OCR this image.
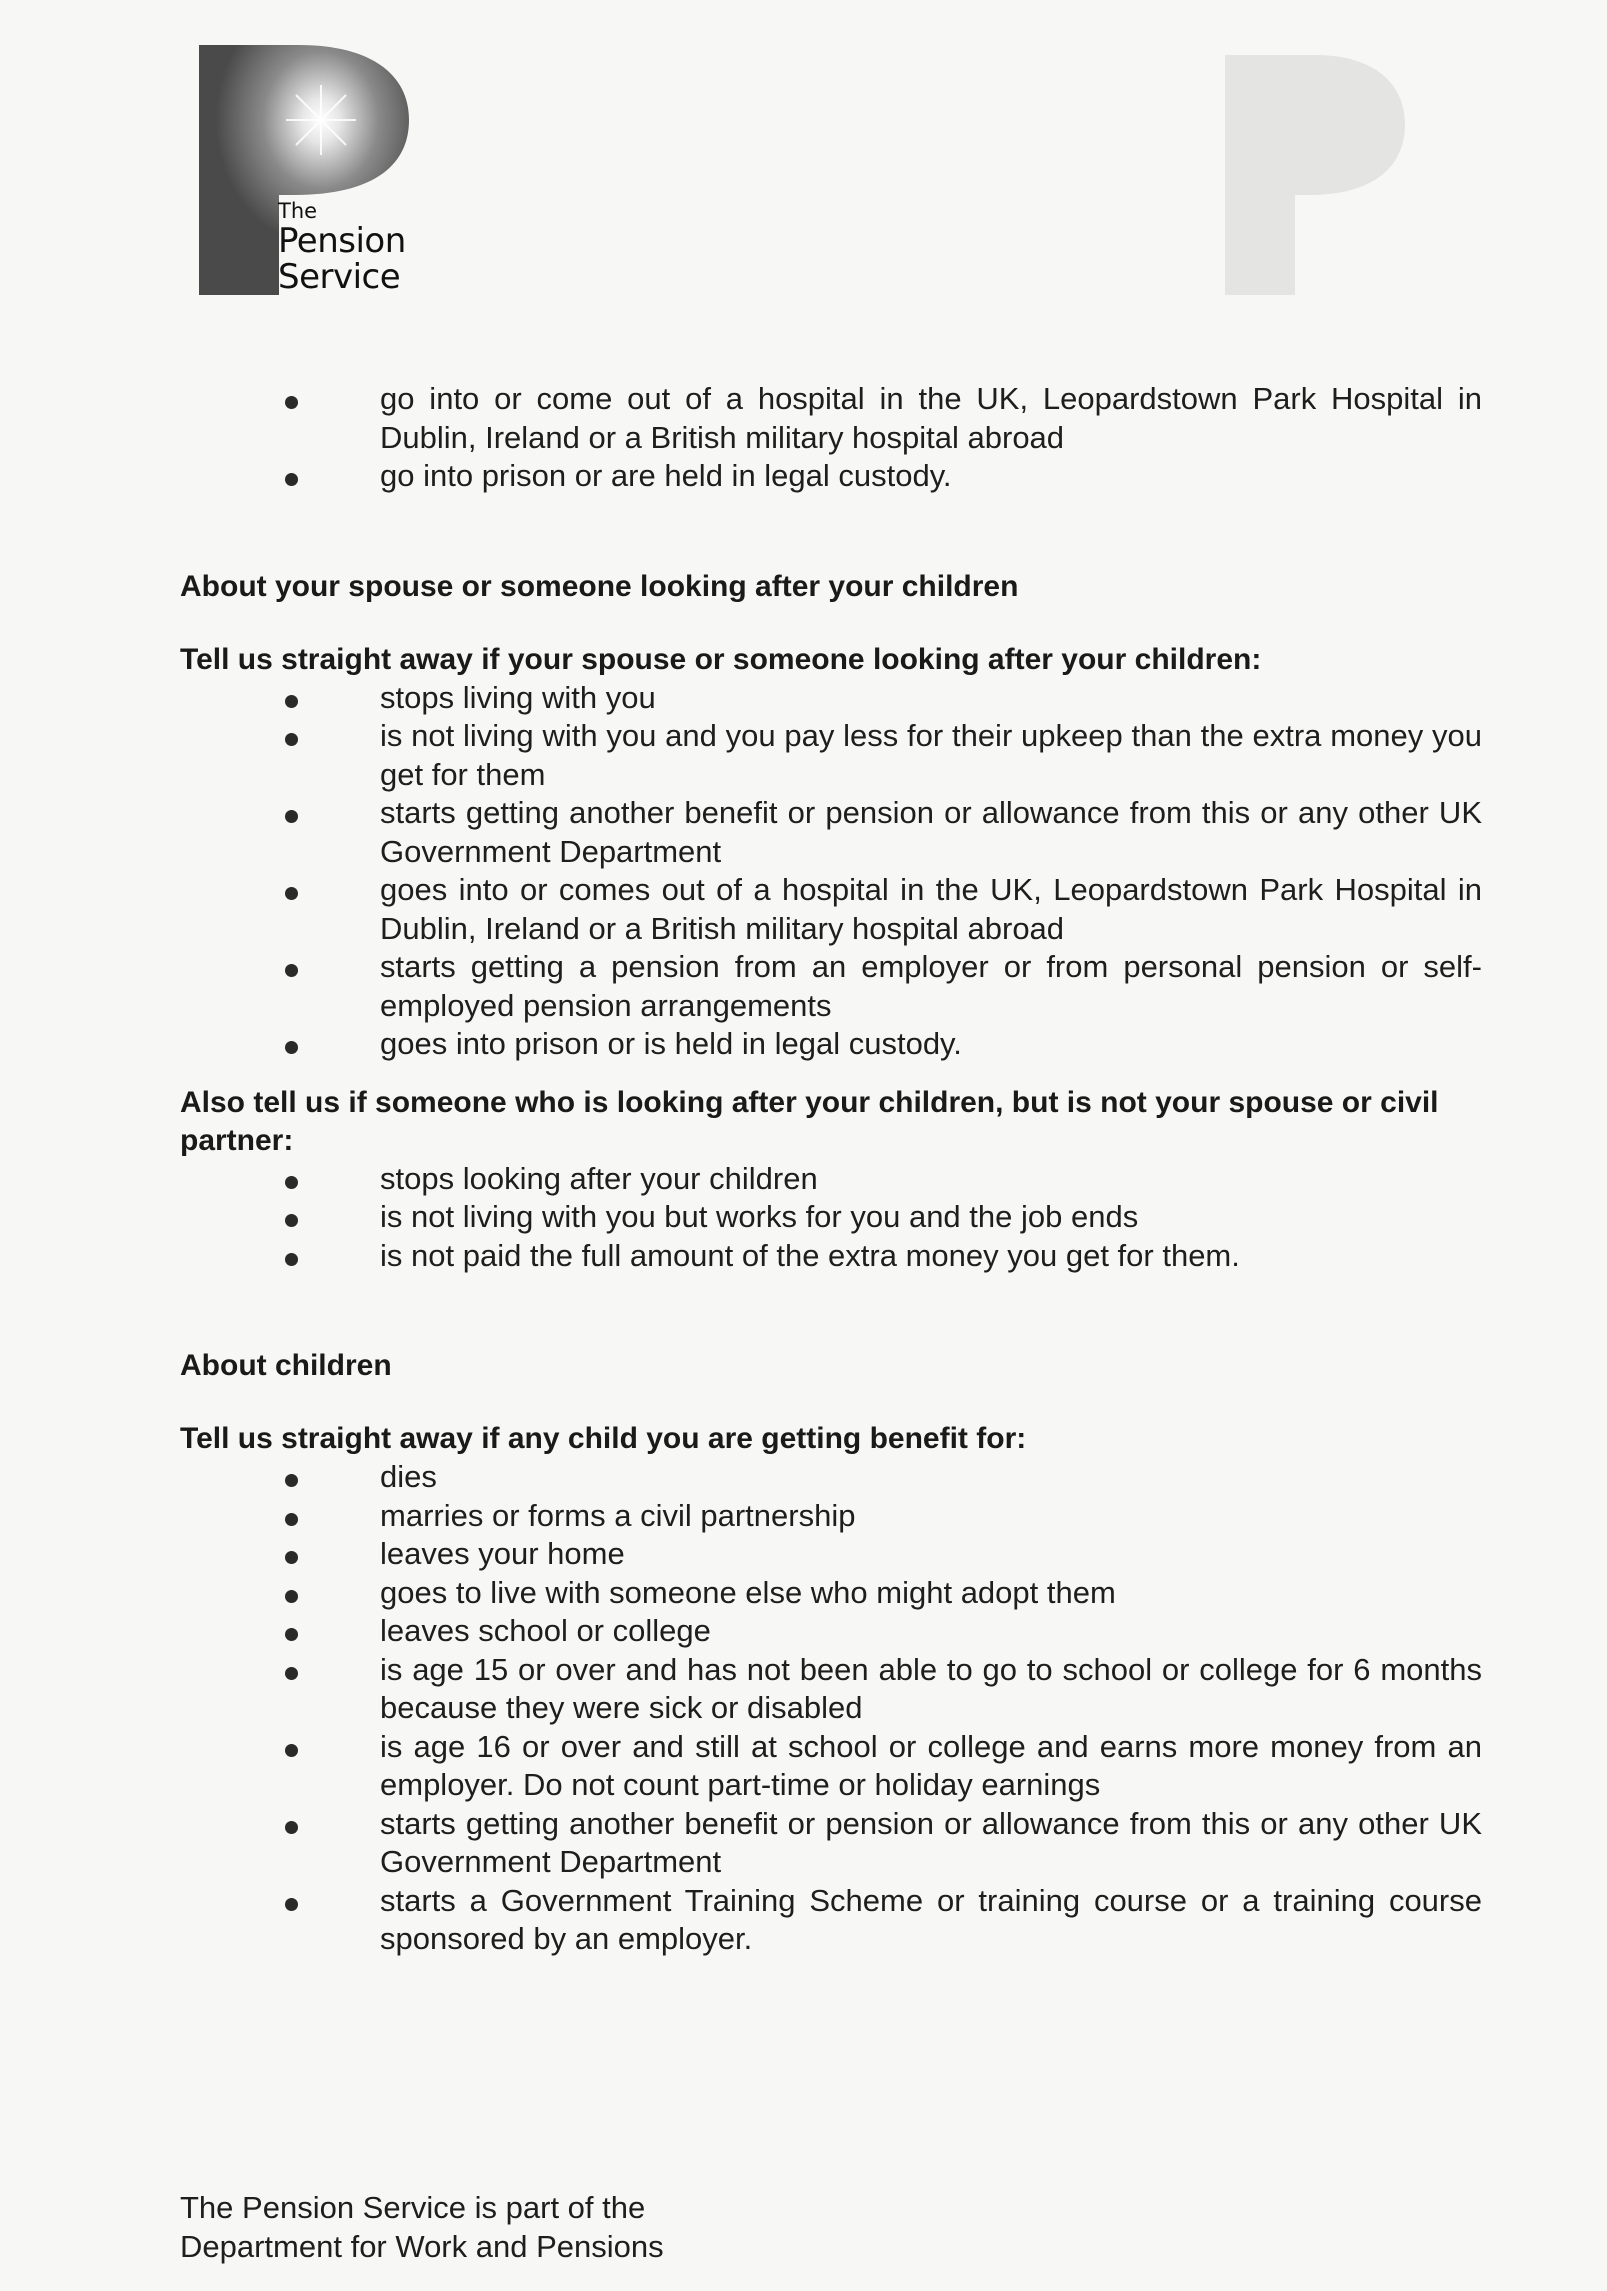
The
Pension
Service
go into or come out of a hospital in the UK, Leopardstown Park Hospital in Dublin, Ireland or a British military hospital abroad
go into prison or are held in legal custody.

About your spouse or someone looking after your children

Tell us straight away if your spouse or someone looking after your children:

stops living with you
is not living with you and you pay less for their upkeep than the extra money you get for them
starts getting another benefit or pension or allowance from this or any other UK Government Department
goes into or comes out of a hospital in the UK, Leopardstown Park Hospital in Dublin, Ireland or a British military hospital abroad
starts getting a pension from an employer or from personal pension or self-employed pension arrangements
goes into prison or is held in legal custody.

Also tell us if someone who is looking after your children, but is not your spouse or civil partner:

stops looking after your children
is not living with you but works for you and the job ends
is not paid the full amount of the extra money you get for them.

About children

Tell us straight away if any child you are getting benefit for:

dies
marries or forms a civil partnership
leaves your home
goes to live with someone else who might adopt them
leaves school or college
is age 15 or over and has not been able to go to school or college for 6 months because they were sick or disabled
is age 16 or over and still at school or college and earns more money from an employer. Do not count part-time or holiday earnings
starts getting another benefit or pension or allowance from this or any other UK Government Department
starts a Government Training Scheme or training course or a training course sponsored by an employer.
The Pension Service is part of the
Department for Work and Pensions
